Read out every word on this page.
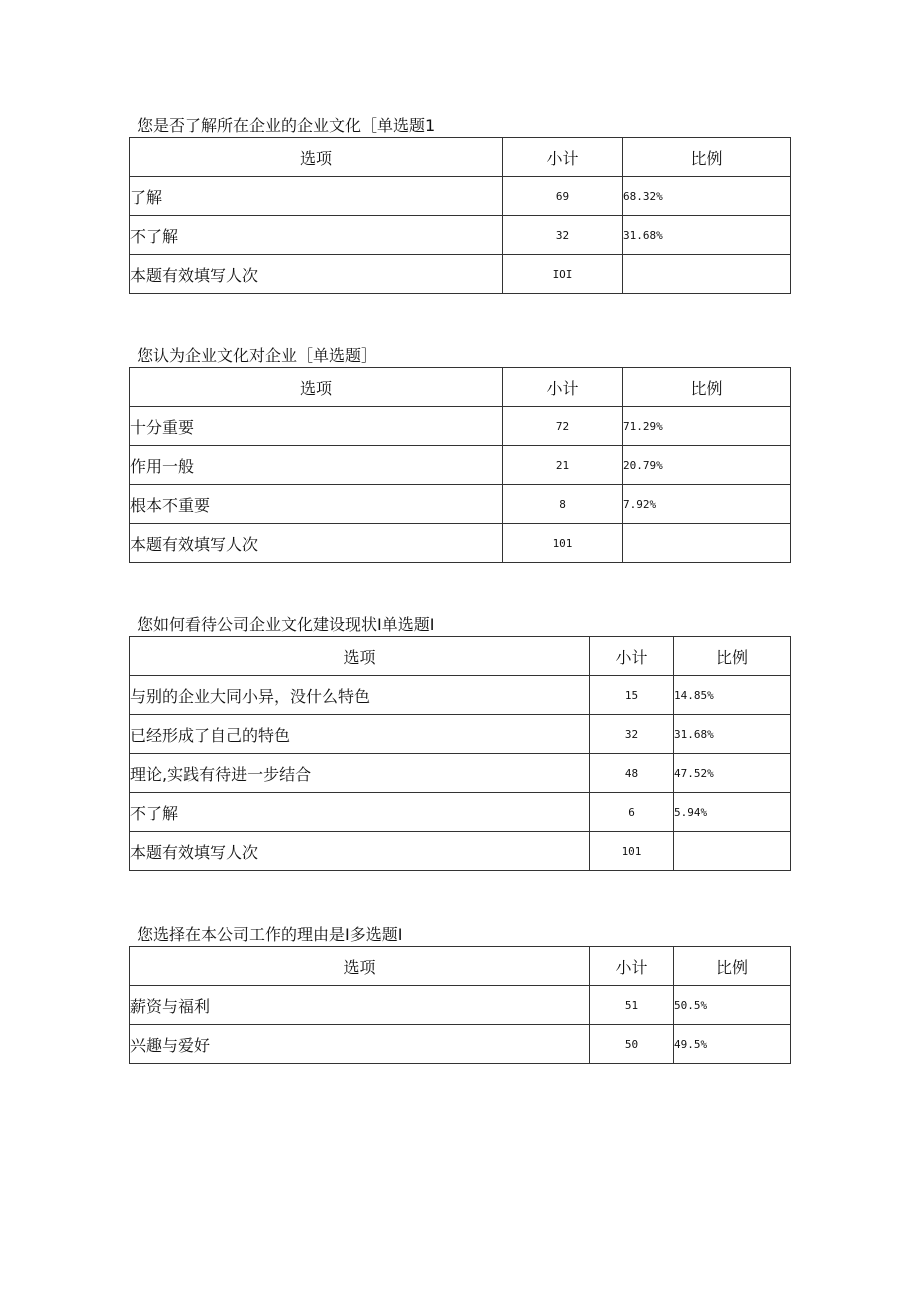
您是否了解所在企业的企业文化［单选题1
选项	小计	比例
了解	69	68.32%
不了解	32	31.68%
本题有效填写人次	IOI	
您认为企业文化对企业［单选题］
选项	小计	比例
十分重要	72	71.29%
作用一般	21	20.79%
根本不重要	8	7.92%
本题有效填写人次	101	
您如何看待公司企业文化建设现状I单选题I
选项	小计	比例
与别的企业大同小异，没什么特色	15	14.85%
已经形成了自己的特色	32	31.68%
理论,实践有待进一步结合	48	47.52%
不了解	6	5.94%
本题有效填写人次	101	
您选择在本公司工作的理由是I多选题I
选项	小计	比例
薪资与福利	51	50.5%
兴趣与爱好	50	49.5%
